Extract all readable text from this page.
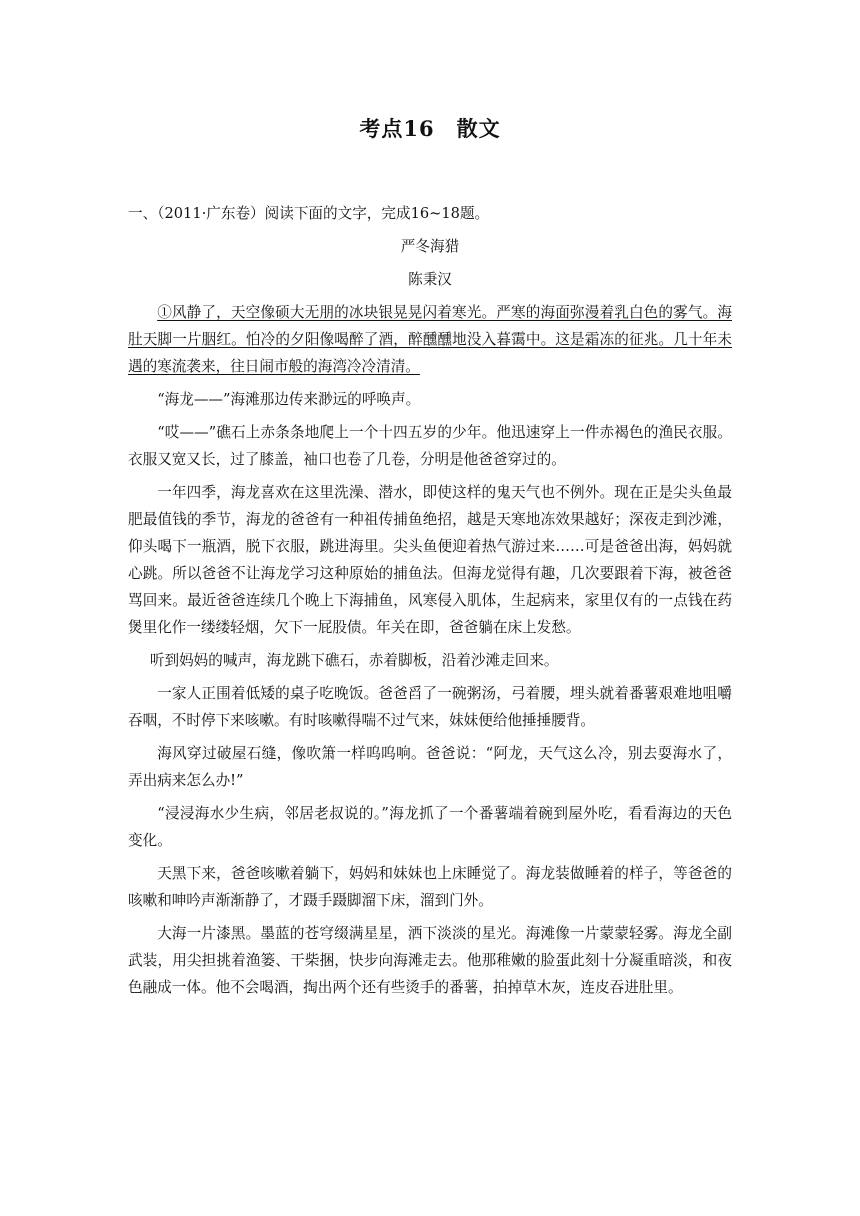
考点16　散文

一、（2011·广东卷）阅读下面的文字，完成16~18题。

严冬海猎

陈秉汉

①风静了，天空像硕大无朋的冰块银晃晃闪着寒光。严寒的海面弥漫着乳白色的雾气。海肚天脚一片胭红。怕冷的夕阳像喝醉了酒，醉醺醺地没入暮霭中。这是霜冻的征兆。几十年未遇的寒流袭来，往日闹市般的海湾冷冷清清。

“海龙——”海滩那边传来渺远的呼唤声。

“哎——”礁石上赤条条地爬上一个十四五岁的少年。他迅速穿上一件赤褐色的渔民衣服。衣服又宽又长，过了膝盖，袖口也卷了几卷，分明是他爸爸穿过的。

一年四季，海龙喜欢在这里洗澡、潜水，即使这样的鬼天气也不例外。现在正是尖头鱼最肥最值钱的季节，海龙的爸爸有一种祖传捕鱼绝招，越是天寒地冻效果越好；深夜走到沙滩，仰头喝下一瓶酒，脱下衣服，跳进海里。尖头鱼便迎着热气游过来……可是爸爸出海，妈妈就心跳。所以爸爸不让海龙学习这种原始的捕鱼法。但海龙觉得有趣，几次要跟着下海，被爸爸骂回来。最近爸爸连续几个晚上下海捕鱼，风寒侵入肌体，生起病来，家里仅有的一点钱在药煲里化作一缕缕轻烟，欠下一屁股债。年关在即，爸爸躺在床上发愁。

听到妈妈的喊声，海龙跳下礁石，赤着脚板，沿着沙滩走回来。

一家人正围着低矮的桌子吃晚饭。爸爸舀了一碗粥汤，弓着腰，埋头就着番薯艰难地咀嚼吞咽，不时停下来咳嗽。有时咳嗽得喘不过气来，妹妹便给他捶捶腰背。

海风穿过破屋石缝，像吹箫一样呜呜响。爸爸说：“阿龙，天气这么冷，别去耍海水了，弄出病来怎么办!”

“浸浸海水少生病，邻居老叔说的。”海龙抓了一个番薯端着碗到屋外吃，看看海边的天色变化。

天黑下来，爸爸咳嗽着躺下，妈妈和妹妹也上床睡觉了。海龙装做睡着的样子，等爸爸的咳嗽和呻吟声渐渐静了，才蹑手蹑脚溜下床，溜到门外。

大海一片漆黑。墨蓝的苍穹缀满星星，洒下淡淡的星光。海滩像一片蒙蒙轻雾。海龙全副武装，用尖担挑着渔篓、干柴捆，快步向海滩走去。他那稚嫩的脸蛋此刻十分凝重暗淡，和夜色融成一体。他不会喝酒，掏出两个还有些烫手的番薯，拍掉草木灰，连皮吞进肚里。
